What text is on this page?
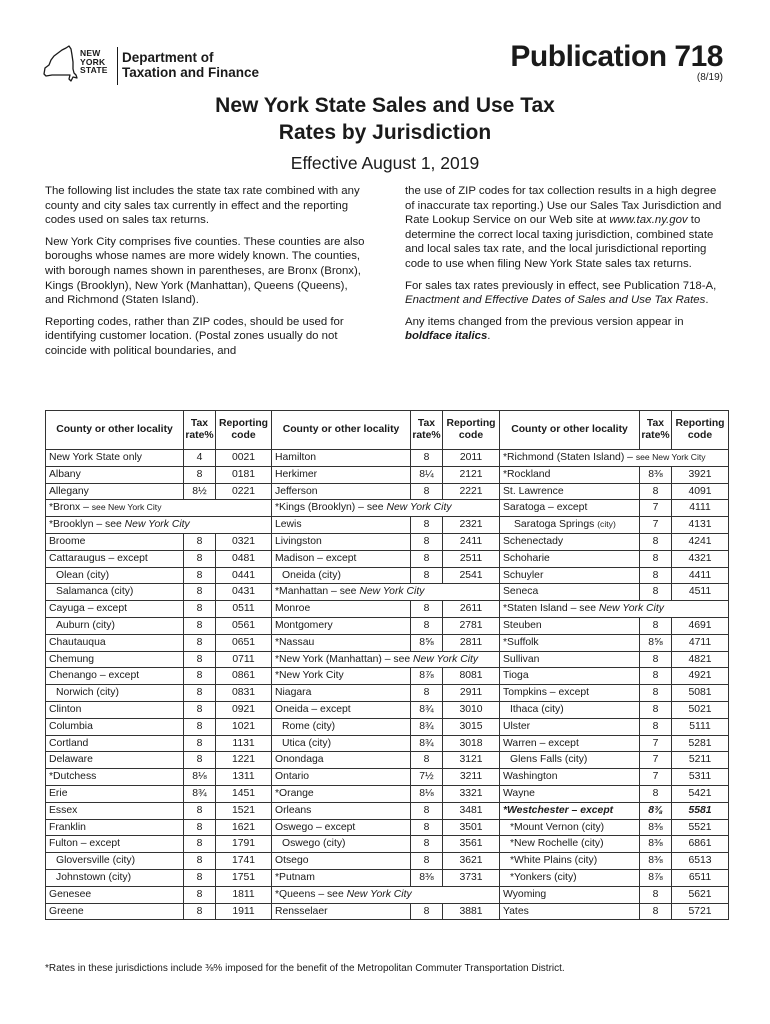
NEW
YORK
STATE
Department of
Taxation and Finance	Publication 718
(8/19)
New York State Sales and Use Tax
Rates by Jurisdiction
Effective August 1, 2019

The following list includes the state tax rate combined with any county and city sales tax currently in effect and the reporting codes used on sales tax returns.

New York City comprises five counties. These counties are also boroughs whose names are more widely known. The counties, with borough names shown in parentheses, are Bronx (Bronx), Kings (Brooklyn), New York (Manhattan), Queens (Queens), and Richmond (Staten Island).

Reporting codes, rather than ZIP codes, should be used for identifying customer location. (Postal zones usually do not coincide with political boundaries, and

the use of ZIP codes for tax collection results in a high degree of inaccurate tax reporting.) Use our Sales Tax Jurisdiction and Rate Lookup Service on our Web site at www.tax.ny.gov to determine the correct local taxing jurisdiction, combined state and local sales tax rate, and the local jurisdictional reporting code to use when filing New York State sales tax returns.

For sales tax rates previously in effect, see Publication 718-A, Enactment and Effective Dates of Sales and Use Tax Rates.

Any items changed from the previous version appear in boldface italics.

County or other locality	Tax rate%	Reporting code	County or other locality	Tax rate%	Reporting code	County or other locality	Tax rate%	Reporting code
New York State only	4	0021	Hamilton	8	2011	*Richmond (Staten Island) – see New York City		
Albany	8	0181	Herkimer	8¼	2121	*Rockland	8⅜	3921
Allegany	8½	0221	Jefferson	8	2221	St. Lawrence	8	4091
*Bronx – see New York City			*Kings (Brooklyn) – see New York City			Saratoga – except	7	4111
*Brooklyn – see New York City			Lewis	8	2321	Saratoga Springs (city)	7	4131
Broome	8	0321	Livingston	8	2411	Schenectady	8	4241
Cattaraugus – except	8	0481	Madison – except	8	2511	Schoharie	8	4321
Olean (city)	8	0441	Oneida (city)	8	2541	Schuyler	8	4411
Salamanca (city)	8	0431	*Manhattan – see New York City			Seneca	8	4511
Cayuga – except	8	0511	Monroe	8	2611	*Staten Island – see New York City		
Auburn (city)	8	0561	Montgomery	8	2781	Steuben	8	4691
Chautauqua	8	0651	*Nassau	8⅝	2811	*Suffolk	8⅝	4711
Chemung	8	0711	*New York (Manhattan) – see New York City			Sullivan	8	4821
Chenango – except	8	0861	*New York City	8⅞	8081	Tioga	8	4921
Norwich (city)	8	0831	Niagara	8	2911	Tompkins – except	8	5081
Clinton	8	0921	Oneida – except	8¾	3010	Ithaca (city)	8	5021
Columbia	8	1021	Rome (city)	8¾	3015	Ulster	8	5111
Cortland	8	1131	Utica (city)	8¾	3018	Warren – except	7	5281
Delaware	8	1221	Onondaga	8	3121	Glens Falls (city)	7	5211
*Dutchess	8⅛	1311	Ontario	7½	3211	Washington	7	5311
Erie	8¾	1451	*Orange	8⅛	3321	Wayne	8	5421
Essex	8	1521	Orleans	8	3481	*Westchester – except	8⅜	5581
Franklin	8	1621	Oswego – except	8	3501	*Mount Vernon (city)	8⅜	5521
Fulton – except	8	1791	Oswego (city)	8	3561	*New Rochelle (city)	8⅜	6861
Gloversville (city)	8	1741	Otsego	8	3621	*White Plains (city)	8⅜	6513
Johnstown (city)	8	1751	*Putnam	8⅜	3731	*Yonkers (city)	8⅞	6511
Genesee	8	1811	*Queens – see New York City			Wyoming	8	5621
Greene	8	1911	Rensselaer	8	3881	Yates	8	5721
*Rates in these jurisdictions include ⅜% imposed for the benefit of the Metropolitan Commuter Transportation District.
